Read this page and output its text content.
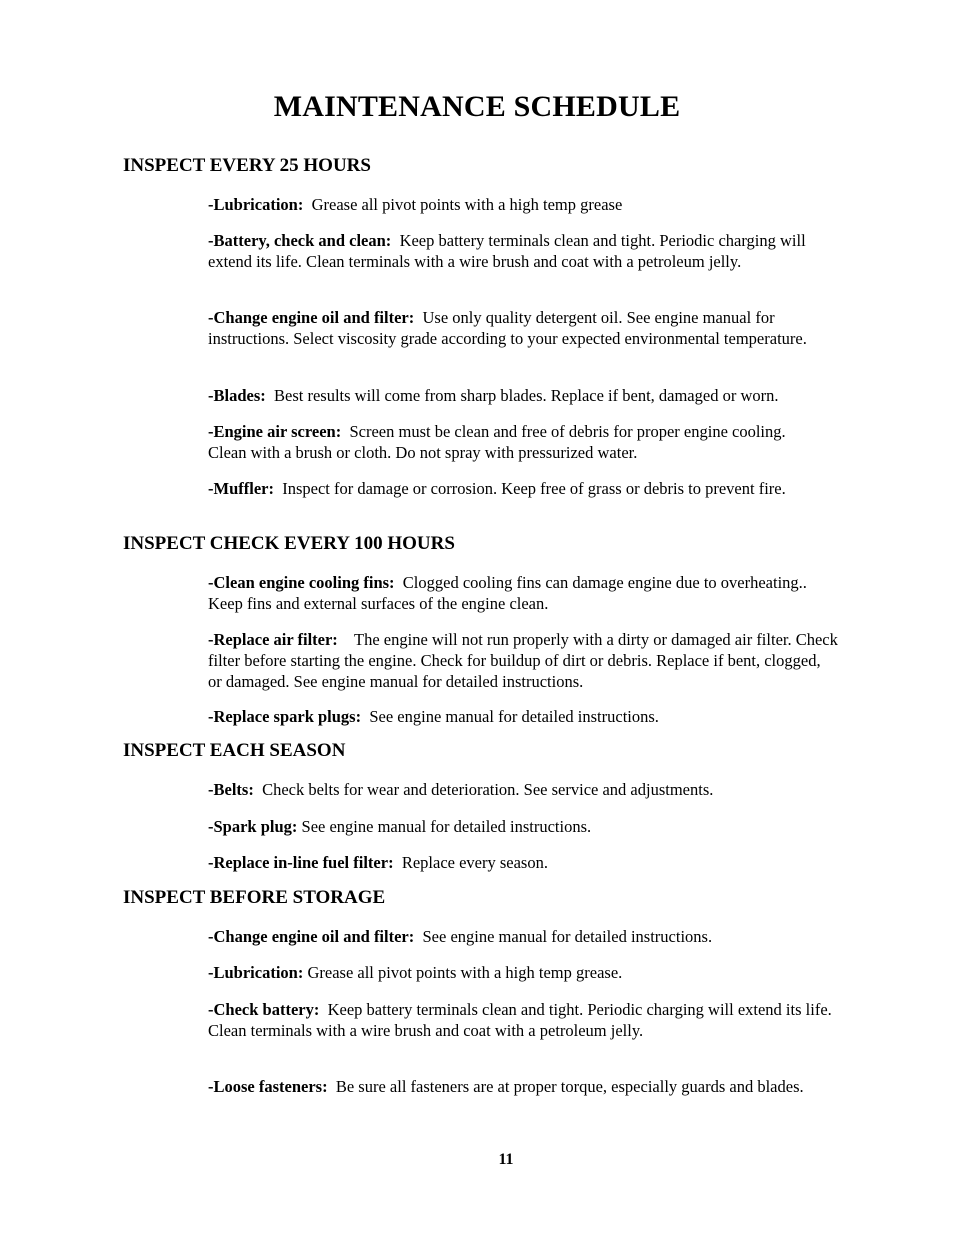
MAINTENANCE SCHEDULE
INSPECT EVERY 25 HOURS
-Lubrication: Grease all pivot points with a high temp grease
-Battery, check and clean: Keep battery terminals clean and tight. Periodic charging will extend its life. Clean terminals with a wire brush and coat with a petroleum jelly.
-Change engine oil and filter: Use only quality detergent oil. See engine manual for instructions. Select viscosity grade according to your expected environmental temperature.
-Blades: Best results will come from sharp blades. Replace if bent, damaged or worn.
-Engine air screen: Screen must be clean and free of debris for proper engine cooling. Clean with a brush or cloth. Do not spray with pressurized water.
-Muffler: Inspect for damage or corrosion. Keep free of grass or debris to prevent fire.
INSPECT CHECK EVERY 100 HOURS
-Clean engine cooling fins: Clogged cooling fins can damage engine due to overheating.. Keep fins and external surfaces of the engine clean.
-Replace air filter: The engine will not run properly with a dirty or damaged air filter. Check filter before starting the engine. Check for buildup of dirt or debris. Replace if bent, clogged, or damaged. See engine manual for detailed instructions.
-Replace spark plugs: See engine manual for detailed instructions.
INSPECT EACH SEASON
-Belts: Check belts for wear and deterioration. See service and adjustments.
-Spark plug: See engine manual for detailed instructions.
-Replace in-line fuel filter: Replace every season.
INSPECT BEFORE STORAGE
-Change engine oil and filter: See engine manual for detailed instructions.
-Lubrication: Grease all pivot points with a high temp grease.
-Check battery: Keep battery terminals clean and tight. Periodic charging will extend its life. Clean terminals with a wire brush and coat with a petroleum jelly.
-Loose fasteners: Be sure all fasteners are at proper torque, especially guards and blades.
11
